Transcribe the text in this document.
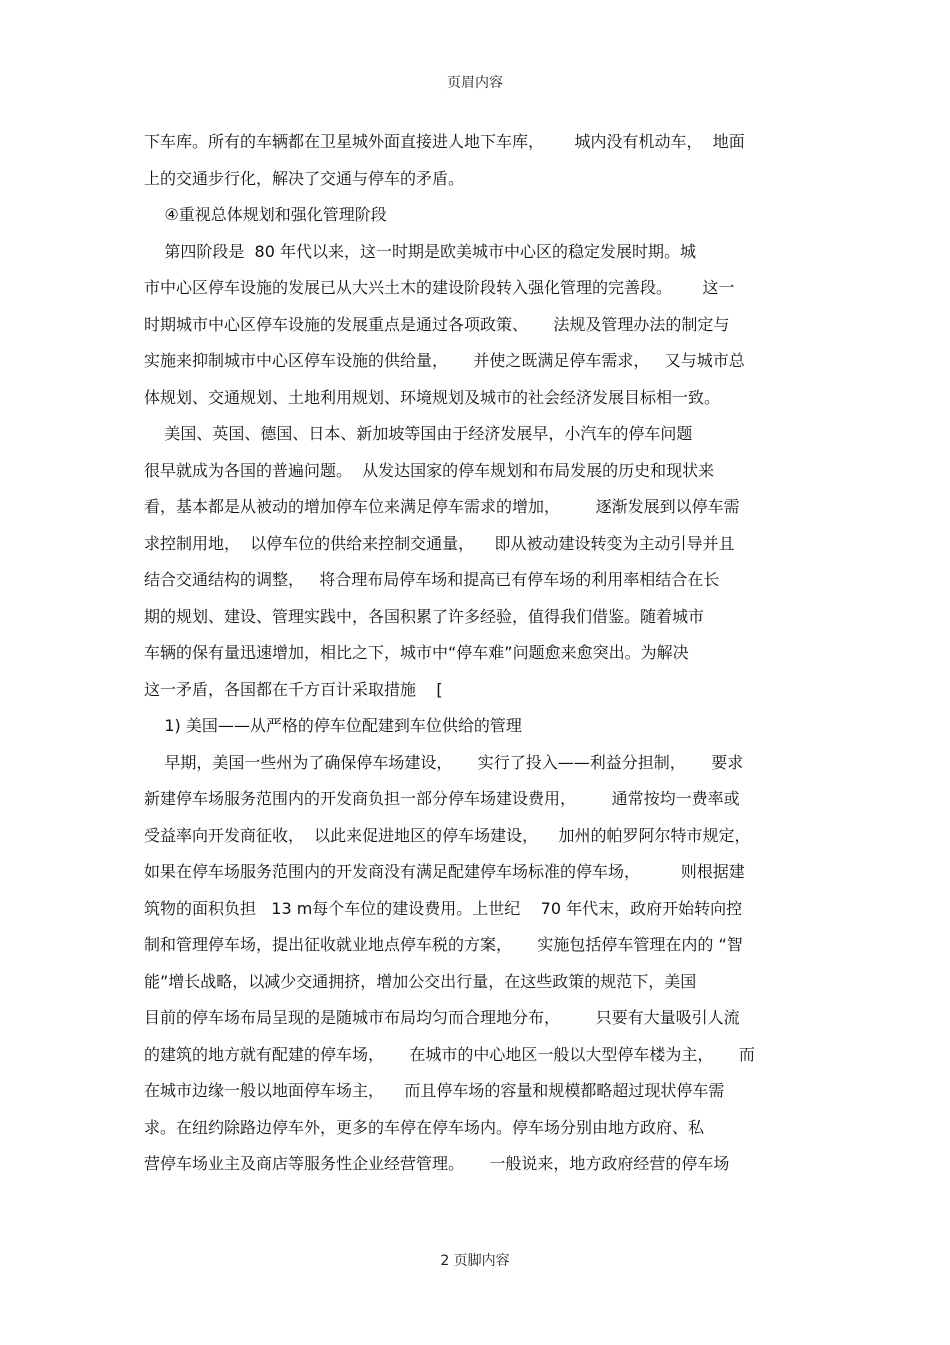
页眉内容
下车库。所有的车辆都在卫星城外面直接进人地下车库，      城内没有机动车，  地面
上的交通步行化，解决了交通与停车的矛盾。
④重视总体规划和强化管理阶段
第四阶段是  80 年代以来，这一时期是欧美城市中心区的稳定发展时期。城
市中心区停车设施的发展已从大兴土木的建设阶段转入强化管理的完善段。      这一
时期城市中心区停车设施的发展重点是通过各项政策、     法规及管理办法的制定与
实施来抑制城市中心区停车设施的供给量，     并使之既满足停车需求，   又与城市总
体规划、交通规划、土地利用规划、环境规划及城市的社会经济发展目标相一致。
美国、英国、德国、日本、新加坡等国由于经济发展早，小汽车的停车问题
很早就成为各国的普遍问题。  从发达国家的停车规划和布局发展的历史和现状来
看，基本都是从被动的增加停车位来满足停车需求的增加，       逐渐发展到以停车需
求控制用地，  以停车位的供给来控制交通量，    即从被动建设转变为主动引导并且
结合交通结构的调整，   将合理布局停车场和提高已有停车场的利用率相结合在长
期的规划、建设、管理实践中，各国积累了许多经验，值得我们借鉴。随着城市
车辆的保有量迅速增加，相比之下，城市中“停车难”问题愈来愈突出。为解决
这一矛盾，各国都在千方百计采取措施    [
1) 美国——从严格的停车位配建到车位供给的管理
早期，美国一些州为了确保停车场建设，     实行了投入——利益分担制，     要求
新建停车场服务范围内的开发商负担一部分停车场建设费用，       通常按均一费率或
受益率向开发商征收，  以此来促进地区的停车场建设，    加州的帕罗阿尔特市规定，
如果在停车场服务范围内的开发商没有满足配建停车场标准的停车场，        则根据建
筑物的面积负担   13 m每个车位的建设费用。上世纪    70 年代末，政府开始转向控
制和管理停车场，提出征收就业地点停车税的方案，     实施包括停车管理在内的 “智
能”增长战略，以减少交通拥挤，增加公交出行量，在这些政策的规范下，美国
目前的停车场布局呈现的是随城市布局均匀而合理地分布，       只要有大量吸引人流
的建筑的地方就有配建的停车场，     在城市的中心地区一般以大型停车楼为主，     而
在城市边缘一般以地面停车场主，    而且停车场的容量和规模都略超过现状停车需
求。在纽约除路边停车外，更多的车停在停车场内。停车场分别由地方政府、私
营停车场业主及商店等服务性企业经营管理。     一般说来，地方政府经营的停车场
2 页脚内容
